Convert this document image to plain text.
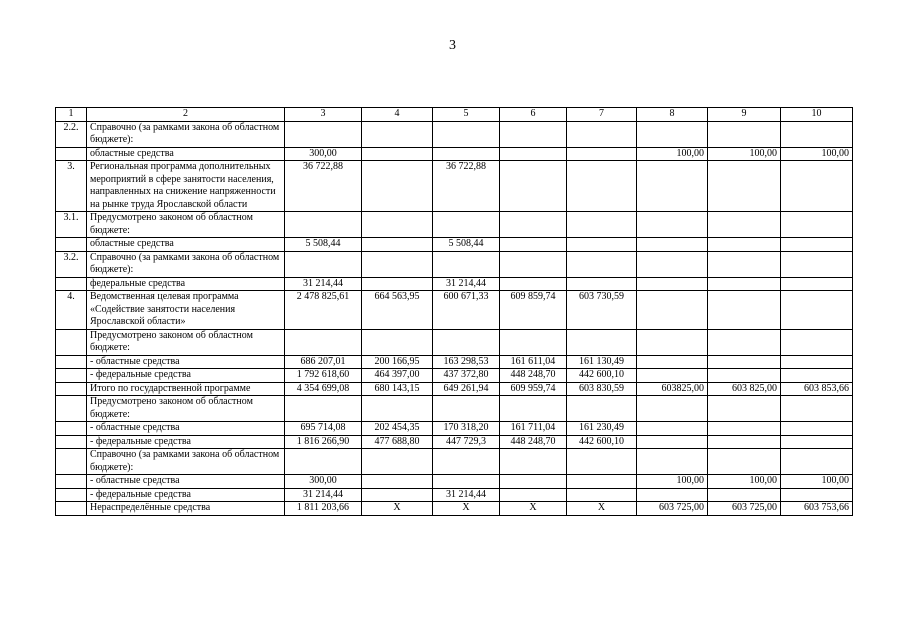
3
1	2	3	4	5	6	7	8	9	10
2.2.	Справочно (за рамками закона об областном бюджете):								
	областные средства	300,00					100,00	100,00	100,00
3.	Региональная программа дополнительных мероприятий в сфере занятости населения, направленных на снижение напряженности на рынке труда Ярославской области	36 722,88		36 722,88					
3.1.	Предусмотрено законом об областном бюджете:								
	областные средства	5 508,44		5 508,44					
3.2.	Справочно (за рамками закона об областном бюджете):								
	федеральные средства	31 214,44		31 214,44					
4.	Ведомственная целевая программа «Содействие занятости населения Ярославской области»	2 478 825,61	664 563,95	600 671,33	609 859,74	603 730,59			
	Предусмотрено законом об областном бюджете:								
	- областные средства	686 207,01	200 166,95	163 298,53	161 611,04	161 130,49			
	- федеральные средства	1 792 618,60	464 397,00	437 372,80	448 248,70	442 600,10			
	Итого по государственной программе	4 354 699,08	680 143,15	649 261,94	609 959,74	603 830,59	603825,00	603 825,00	603 853,66
	Предусмотрено законом об областном бюджете:								
	- областные средства	695 714,08	202 454,35	170 318,20	161 711,04	161 230,49			
	- федеральные средства	1 816 266,90	477 688,80	447 729,3	448 248,70	442 600,10			
	Справочно (за рамками закона об областном бюджете):								
	- областные средства	300,00					100,00	100,00	100,00
	- федеральные средства	31 214,44		31 214,44					
	Нераспределённые средства	1 811 203,66	Х	Х	Х	Х	603 725,00	603 725,00	603 753,66
